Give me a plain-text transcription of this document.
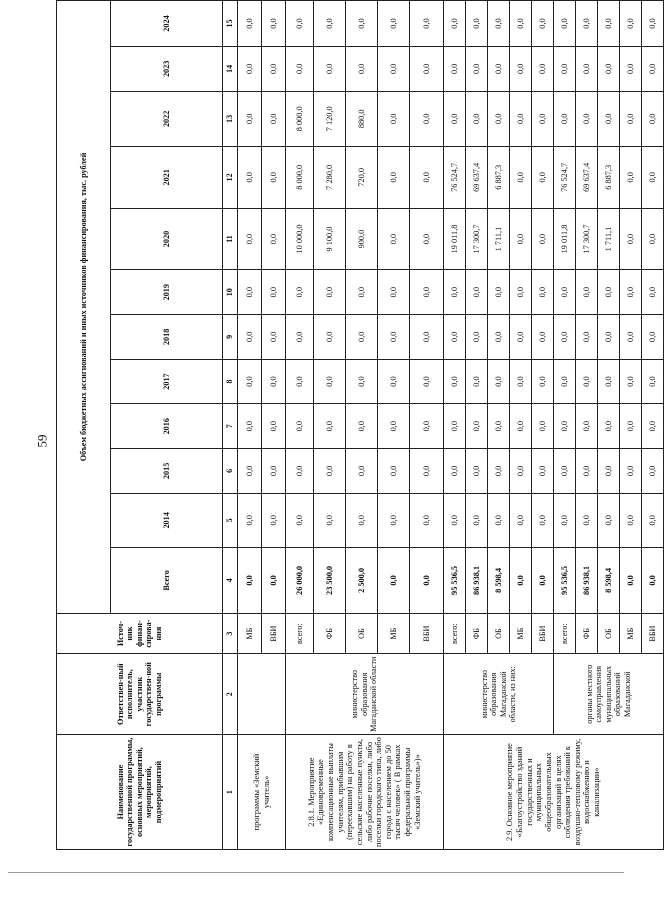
59
Наименование государственной программы, основных мероприятий, мероприятий, подмероприятий	Ответствен-ный исполнитель, участник государствен-ной программы	Источ-ник финан-сирова-ния	Объем бюджетных ассигнований и иных источников финансирования, тыс. рублей											
			Всего	2014	2015	2016	2017	2018	2019	2020	2021	2022	2023	2024
1	2	3	4	5	6	7	8	9	10	11	12	13	14	15
программы «Земский учитель»		МБ	0,0	0,0	0,0	0,0	0,0	0,0	0,0	0,0	0,0	0,0	0,0	0,0
		ВБИ	0,0	0,0	0,0	0,0	0,0	0,0	0,0	0,0	0,0	0,0	0,0	0,0
2.8.1. Мероприятие «Единовременные компенсационные выплаты учителям, прибывшим (переехавшим) на работу в сельские населенные пункты, либо рабочие поселки, либо поселки городского типа, либо города с населением до 50 тысяч человек» ( В рамках федеральной программы «Земский учитель»)»	министерство образования Магаданской области	всего:	26 000,0	0,0	0,0	0,0	0,0	0,0	0,0	10 000,0	8 000,0	8 000,0	0,0	0,0
		ФБ	23 500,0	0,0	0,0	0,0	0,0	0,0	0,0	9 100,0	7 280,0	7 120,0	0,0	0,0
		ОБ	2 500,0	0,0	0,0	0,0	0,0	0,0	0,0	900,0	720,0	880,0	0,0	0,0
		МБ	0,0	0,0	0,0	0,0	0,0	0,0	0,0	0,0	0,0	0,0	0,0	0,0
		ВБИ	0,0	0,0	0,0	0,0	0,0	0,0	0,0	0,0	0,0	0,0	0,0	0,0
2.9. Основное мероприятие «Благоустройство зданий государственных и муниципальных общеобразовательных организаций в целях соблюдения требований к воздушно-тепловому режиму, водоснабжению и канализации»	министерство образования Магаданской области, из них:	всего:	95 536,5	0,0	0,0	0,0	0,0	0,0	0,0	19 011,8	76 524,7	0,0	0,0	0,0
		ФБ	86 938,1	0,0	0,0	0,0	0,0	0,0	0,0	17 300,7	69 637,4	0,0	0,0	0,0
		ОБ	8 598,4	0,0	0,0	0,0	0,0	0,0	0,0	1 711,1	6 887,3	0,0	0,0	0,0
		МБ	0,0	0,0	0,0	0,0	0,0	0,0	0,0	0,0	0,0	0,0	0,0	0,0
		ВБИ	0,0	0,0	0,0	0,0	0,0	0,0	0,0	0,0	0,0	0,0	0,0	0,0
	органы местного самоуправления муниципальных образований Магаданской	всего:	95 536,5	0,0	0,0	0,0	0,0	0,0	0,0	19 011,8	76 524,7	0,0	0,0	0,0
		ФБ	86 938,1	0,0	0,0	0,0	0,0	0,0	0,0	17 300,7	69 637,4	0,0	0,0	0,0
		ОБ	8 598,4	0,0	0,0	0,0	0,0	0,0	0,0	1 711,1	6 887,3	0,0	0,0	0,0
		МБ	0,0	0,0	0,0	0,0	0,0	0,0	0,0	0,0	0,0	0,0	0,0	0,0
		ВБИ	0,0	0,0	0,0	0,0	0,0	0,0	0,0	0,0	0,0	0,0	0,0	0,0
